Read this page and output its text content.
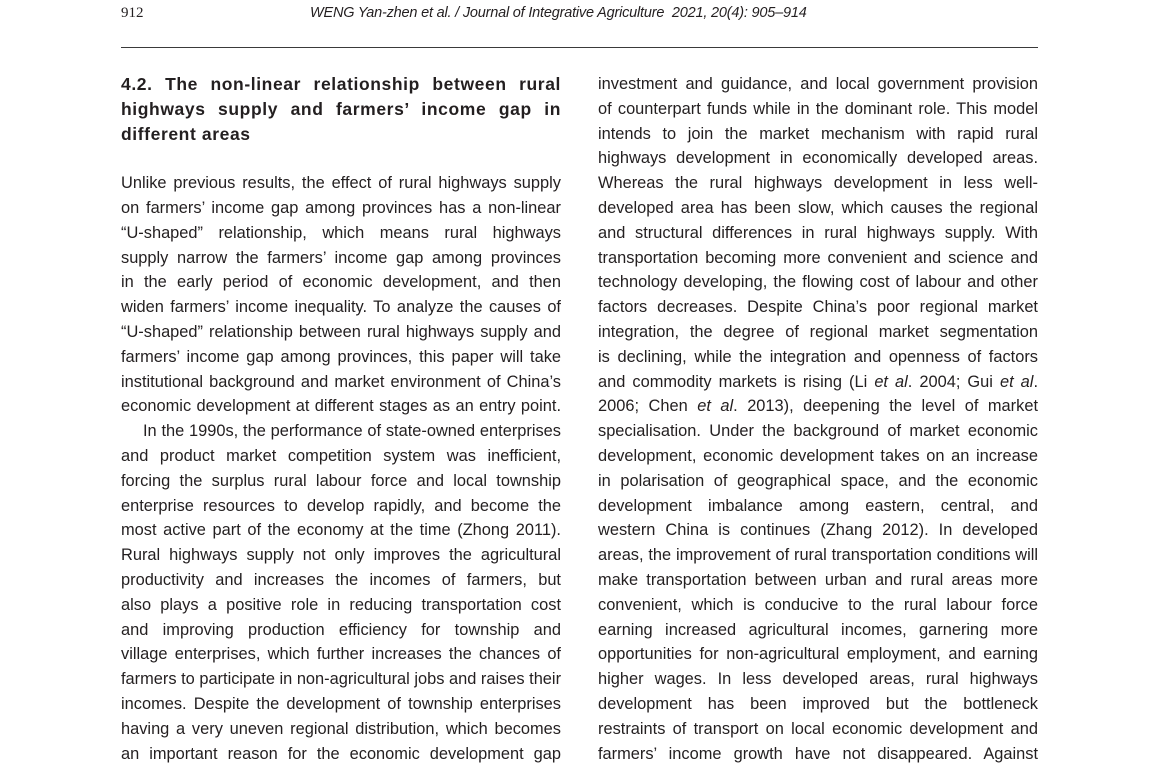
912	WENG Yan-zhen et al. / Journal of Integrative Agriculture  2021, 20(4): 905–914
4.2. The non-linear relationship between rural highways supply and farmers’ income gap in different areas
Unlike previous results, the effect of rural highways supply
on farmers’ income gap among provinces has a non-linear
“U-shaped” relationship, which means rural highways
supply narrow the farmers’ income gap among provinces
in the early period of economic development, and then
widen farmers’ income inequality. To analyze the causes of
“U-shaped” relationship between rural highways supply and
farmers’ income gap among provinces, this paper will take
institutional background and market environment of China’s
economic development at different stages as an entry point.
In the 1990s, the performance of state-owned enterprises
and product market competition system was inefficient,
forcing the surplus rural labour force and local township
enterprise resources to develop rapidly, and become the
most active part of the economy at the time (Zhong 2011).
Rural highways supply not only improves the agricultural
productivity and increases the incomes of farmers, but
also plays a positive role in reducing transportation cost
and improving production efficiency for township and
village enterprises, which further increases the chances of
farmers to participate in non-agricultural jobs and raises their
incomes. Despite the development of township enterprises
having a very uneven regional distribution, which becomes
an important reason for the economic development gap
investment and guidance, and local government provision
of counterpart funds while in the dominant role. This model
intends to join the market mechanism with rapid rural
highways development in economically developed areas.
Whereas the rural highways development in less well-
developed area has been slow, which causes the regional
and structural differences in rural highways supply. With
transportation becoming more convenient and science and
technology developing, the flowing cost of labour and other
factors decreases. Despite China’s poor regional market
integration, the degree of regional market segmentation
is declining, while the integration and openness of factors
and commodity markets is rising (Li et al. 2004; Gui et al.
2006; Chen et al. 2013), deepening the level of market
specialisation. Under the background of market economic
development, economic development takes on an increase
in polarisation of geographical space, and the economic
development imbalance among eastern, central, and
western China is continues (Zhang 2012). In developed
areas, the improvement of rural transportation conditions will
make transportation between urban and rural areas more
convenient, which is conducive to the rural labour force
earning increased agricultural incomes, garnering more
opportunities for non-agricultural employment, and earning
higher wages. In less developed areas, rural highways
development has been improved but the bottleneck
restraints of transport on local economic development and
farmers’ income growth have not disappeared. Against
